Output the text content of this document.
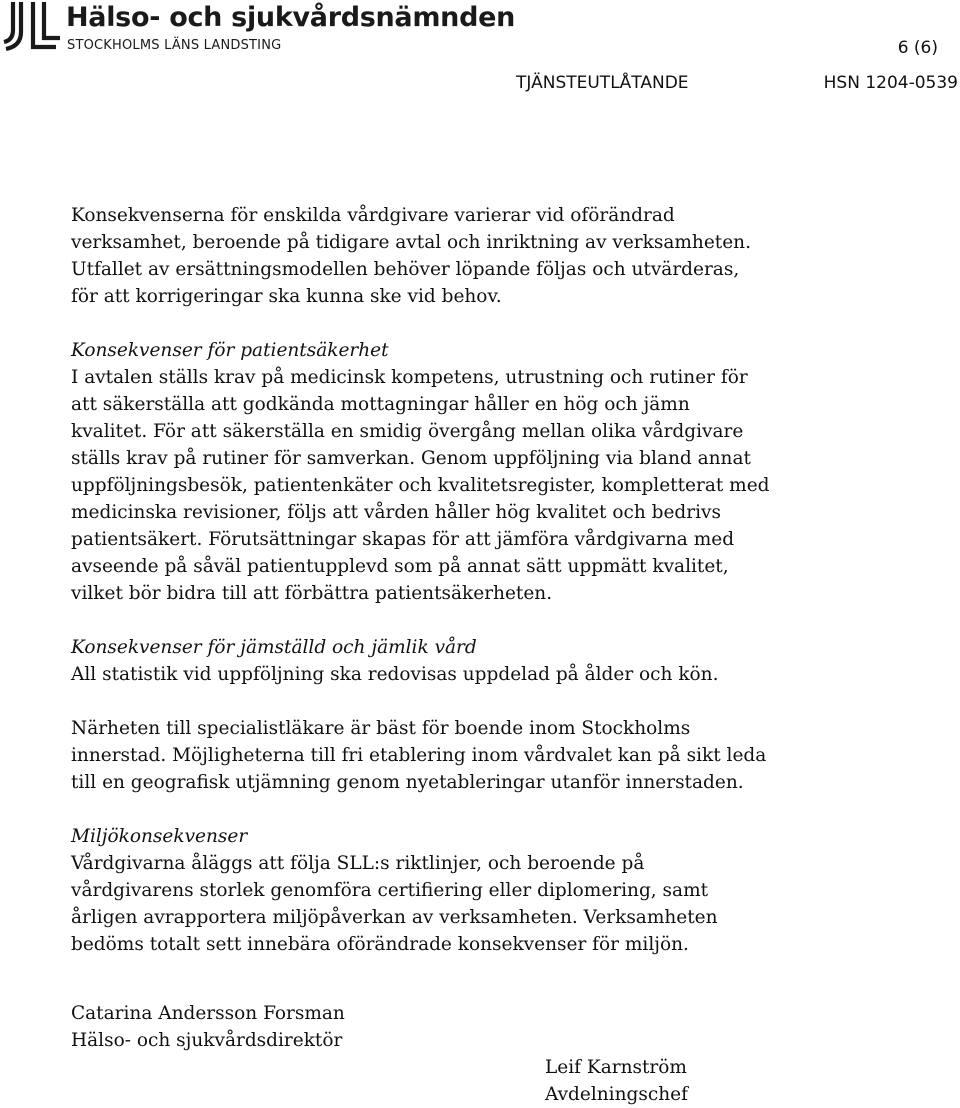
Hälso- och sjukvårdsnämnden
STOCKHOLMS LÄNS LANDSTING	6 (6)
TJÄNSTEUTLÅTANDE	HSN 1204-0539

Konsekvenserna för enskilda vårdgivare varierar vid oförändrad verksamhet, beroende på tidigare avtal och inriktning av verksamheten. Utfallet av ersättningsmodellen behöver löpande följas och utvärderas, för att korrigeringar ska kunna ske vid behov.

Konsekvenser för patientsäkerhet

I avtalen ställs krav på medicinsk kompetens, utrustning och rutiner för att säkerställa att godkända mottagningar håller en hög och jämn kvalitet. För att säkerställa en smidig övergång mellan olika vårdgivare ställs krav på rutiner för samverkan. Genom uppföljning via bland annat uppföljningsbesök, patientenkäter och kvalitetsregister, kompletterat med medicinska revisioner, följs att vården håller hög kvalitet och bedrivs patientsäkert. Förutsättningar skapas för att jämföra vårdgivarna med avseende på såväl patientupplevd som på annat sätt uppmätt kvalitet, vilket bör bidra till att förbättra patientsäkerheten.

Konsekvenser för jämställd och jämlik vård

All statistik vid uppföljning ska redovisas uppdelad på ålder och kön.

Närheten till specialistläkare är bäst för boende inom Stockholms innerstad. Möjligheterna till fri etablering inom vårdvalet kan på sikt leda till en geografisk utjämning genom nyetableringar utanför innerstaden.

Miljökonsekvenser

Vårdgivarna åläggs att följa SLL:s riktlinjer, och beroende på vårdgivarens storlek genomföra certifiering eller diplomering, samt årligen avrapportera miljöpåverkan av verksamheten. Verksamheten bedöms totalt sett innebära oförändrade konsekvenser för miljön.

Catarina Andersson Forsman
Hälso- och sjukvårdsdirektör
Leif Karnström
Avdelningschef
